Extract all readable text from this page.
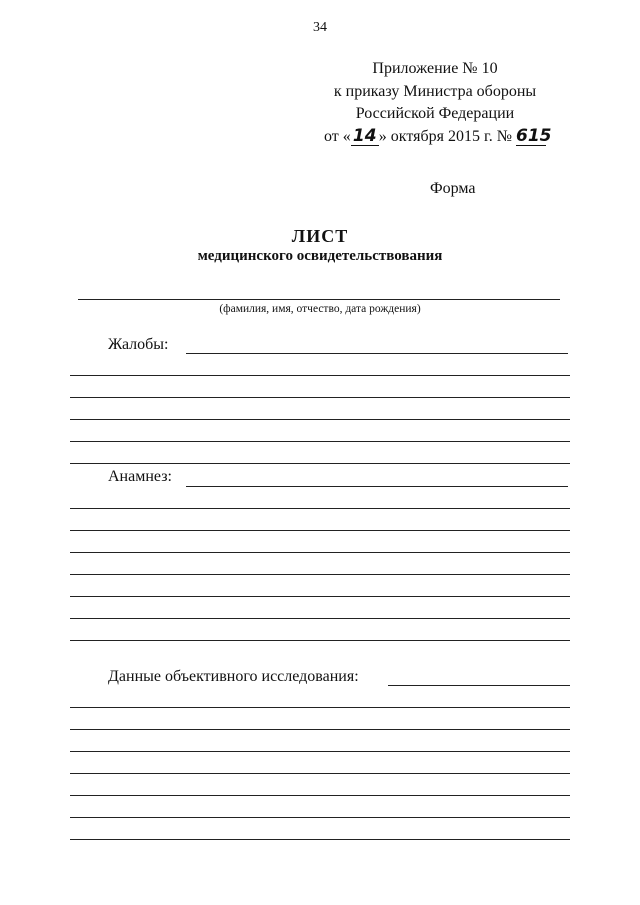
34
Приложение № 10
к приказу Министра обороны
Российской Федерации
от « 14 » октября 2015 г. № 615
Форма
ЛИСТ
медицинского освидетельствования
(фамилия, имя, отчество, дата рождения)
Жалобы:
Анамнез:
Данные объективного исследования:
